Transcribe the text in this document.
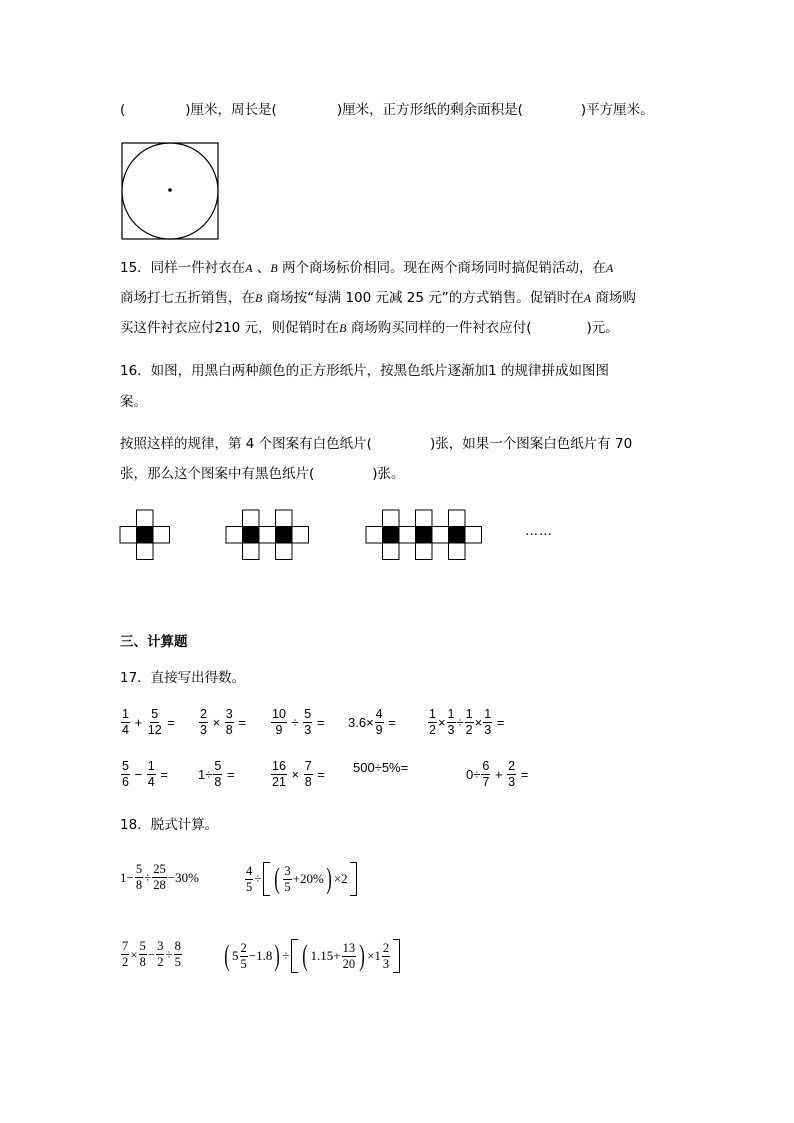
(	)厘米，周长是(	)厘米，正方形纸的剩余面积是(	)平方厘米。
15．同样一件衬衣在A 、B 两个商场标价相同。现在两个商场同时搞促销活动，在A
商场打七五折销售，在B 商场按“每满 100 元减 25 元”的方式销售。促销时在A 商场购
买这件衬衣应付210 元，则促销时在B 商场购买同样的一件衬衣应付(	)元。
16．如图，用黑白两种颜色的正方形纸片，按黑色纸片逐渐加1 的规律拼成如图图
案。
按照这样的规律，第 4 个图案有白色纸片(	)张，如果一个图案白色纸片有 70
张，那么这个图案中有黑色纸片(	)张。
……
三、计算题
17．直接写出得数。
$\frac{1}{4} + \frac{5}{12} = \frac{2}{3} \times \frac{3}{8} = \frac{10}{9} \div \frac{5}{3} = 3.6\times \frac{4}{9}$ =	$\frac{1}{2} \times \frac{1}{3} \div \frac{1}{2} \times \frac{1}{3}$ =
$\frac{5}{6} - \frac{1}{4} = 1\div \frac{5}{8}$ =	$\frac{16}{21} \times \frac{7}{8} = 500\div 5\%=$	$0\div \frac{6}{7} + \frac{2}{3}$ =
18．脱式计算。
$1- \frac{5}{8} \div \frac{25}{28} -30\%$	$\frac{4}{5}$ ÷ ( $\frac{3}{5} +20\%$ ) ×2
$\frac{7}{2} \times \frac{5}{8} - \frac{3}{2} \div \frac{8}{5}$ ( $5 \frac{2}{5} -1.8$ ) ÷ ( $1.15+ \frac{13}{20}$ ) $\times 1 \frac{2}{3}$
